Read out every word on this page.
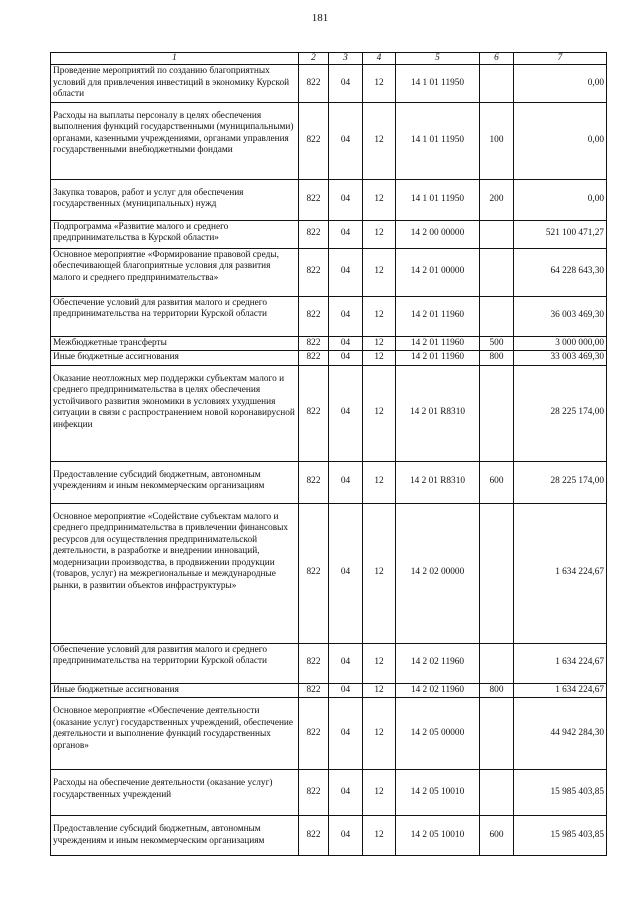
181
1	2	3	4	5	6	7
Проведение мероприятий по созданию благоприятных условий для привлечения инвестиций в экономику Курской области	822	04	12	14 1 01 11950		0,00
Расходы на выплаты персоналу в целях обеспечения выполнения функций государственными (муниципальными) органами, казенными учреждениями, органами управления государственными внебюджетными фондами	822	04	12	14 1 01 11950	100	0,00
Закупка товаров, работ и услуг для обеспечения государственных (муниципальных) нужд	822	04	12	14 1 01 11950	200	0,00
Подпрограмма «Развитие малого и среднего предпринимательства в Курской области»	822	04	12	14 2 00 00000		521 100 471,27
Основное мероприятие «Формирование правовой среды, обеспечивающей благоприятные условия для развития малого и среднего предпринимательства»	822	04	12	14 2 01 00000		64 228 643,30
Обеспечение условий для развития малого и среднего предпринимательства на территории Курской области	822	04	12	14 2 01 11960		36 003 469,30
Межбюджетные трансферты	822	04	12	14 2 01 11960	500	3 000 000,00
Иные бюджетные ассигнования	822	04	12	14 2 01 11960	800	33 003 469,30
Оказание неотложных мер поддержки субъектам малого и среднего предпринимательства в целях обеспечения устойчивого развития экономики в условиях ухудшения ситуации в связи с распространением новой коронавирусной инфекции	822	04	12	14 2 01 R8310		28 225 174,00
Предоставление субсидий бюджетным, автономным учреждениям и иным некоммерческим организациям	822	04	12	14 2 01 R8310	600	28 225 174,00
Основное мероприятие «Содействие субъектам малого и среднего предпринимательства в привлечении финансовых ресурсов для осуществления предпринимательской деятельности, в разработке и внедрении инноваций, модернизации производства, в продвижении продукции (товаров, услуг) на межрегиональные и международные рынки, в развитии объектов инфраструктуры»	822	04	12	14 2 02 00000		1 634 224,67
Обеспечение условий для развития малого и среднего предпринимательства на территории Курской области	822	04	12	14 2 02 11960		1 634 224,67
Иные бюджетные ассигнования	822	04	12	14 2 02 11960	800	1 634 224,67
Основное мероприятие «Обеспечение деятельности (оказание услуг) государственных учреждений, обеспечение деятельности и выполнение функций государственных органов»	822	04	12	14 2 05 00000		44 942 284,30
Расходы на обеспечение деятельности (оказание услуг) государственных учреждений	822	04	12	14 2 05 10010		15 985 403,85
Предоставление субсидий бюджетным, автономным учреждениям и иным некоммерческим организациям	822	04	12	14 2 05 10010	600	15 985 403,85
